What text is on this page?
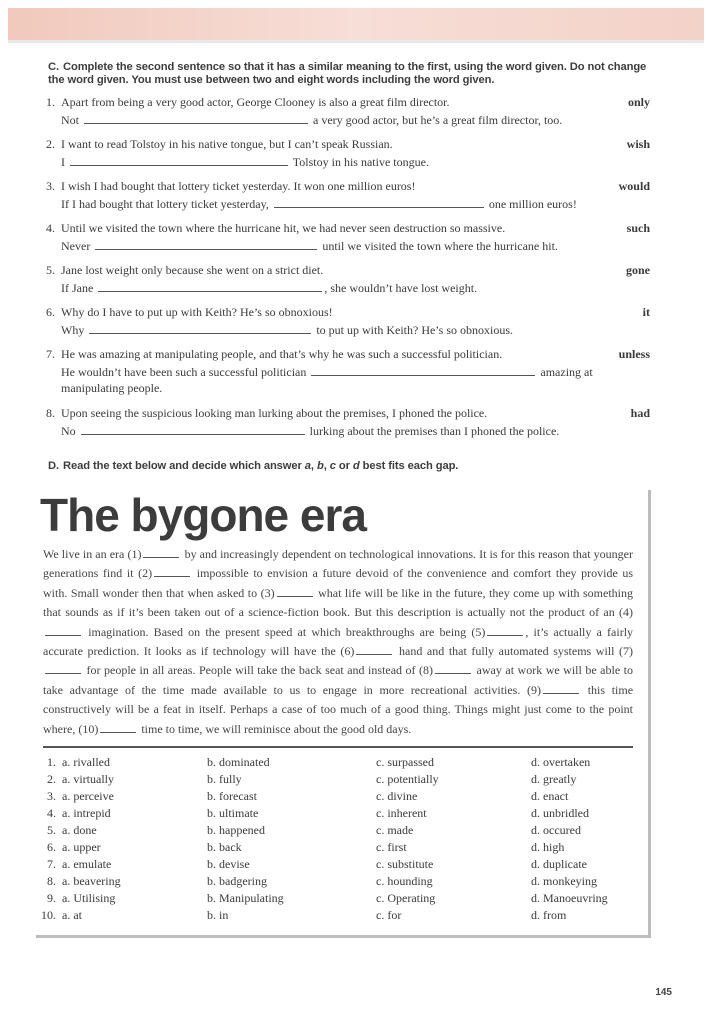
C. Complete the second sentence so that it has a similar meaning to the first, using the word given. Do not change the word given. You must use between two and eight words including the word given.
1. Apart from being a very good actor, George Clooney is also a great film director.	only
Not	a very good actor, but he’s a great film director, too.
2. I want to read Tolstoy in his native tongue, but I can’t speak Russian.	wish
I	Tolstoy in his native tongue.
3. I wish I had bought that lottery ticket yesterday. It won one million euros!	would
If I had bought that lottery ticket yesterday,	one million euros!
4. Until we visited the town where the hurricane hit, we had never seen destruction so massive.	such
Never	until we visited the town where the hurricane hit.
5. Jane lost weight only because she went on a strict diet.	gone
If Jane	, she wouldn’t have lost weight.
6. Why do I have to put up with Keith? He’s so obnoxious!	it
Why	to put up with Keith? He’s so obnoxious.
7. He was amazing at manipulating people, and that’s why he was such a successful politician.	unless
He wouldn’t have been such a successful politician	amazing at
manipulating people.
8. Upon seeing the suspicious looking man lurking about the premises, I phoned the police.	had
No	lurking about the premises than I phoned the police.
D. Read the text below and decide which answer a, b, c or d best fits each gap.
The bygone era
We live in an era (1)	by and increasingly dependent on technological innovations. It is for this reason that younger generations find it (2)	impossible to envision a future devoid of the convenience and comfort they provide us with. Small wonder then that when asked to (3)	what life will be like in the future, they come up with something that sounds as if it’s been taken out of a science-fiction book. But this description is actually not the product of an (4) imagination. Based on the present speed at which breakthroughs are being (5)	, it’s actually a fairly accurate prediction. It looks as if technology will have the (6)	hand and that fully automated systems will (7) for people in all areas. People will take the back seat and instead of (8)	away at work we will be able to take advantage of the time made available to us to engage in more recreational activities. (9)	this time constructively will be a feat in itself. Perhaps a case of too much of a good thing. Things might just come to the point where, (10)	time to time, we will reminisce about the good old days.
1. a. rivalled	b. dominated	c. surpassed	d. overtaken
2. a. virtually	b. fully	c. potentially	d. greatly
3. a. perceive	b. forecast	c. divine	d. enact
4. a. intrepid	b. ultimate	c. inherent	d. unbridled
5. a. done	b. happened	c. made	d. occured
6. a. upper	b. back	c. first	d. high
7. a. emulate	b. devise	c. substitute	d. duplicate
8. a. beavering	b. badgering	c. hounding	d. monkeying
9. a. Utilising	b. Manipulating	c. Operating	d. Manoeuvring
10. a. at	b. in	c. for	d. from
145
